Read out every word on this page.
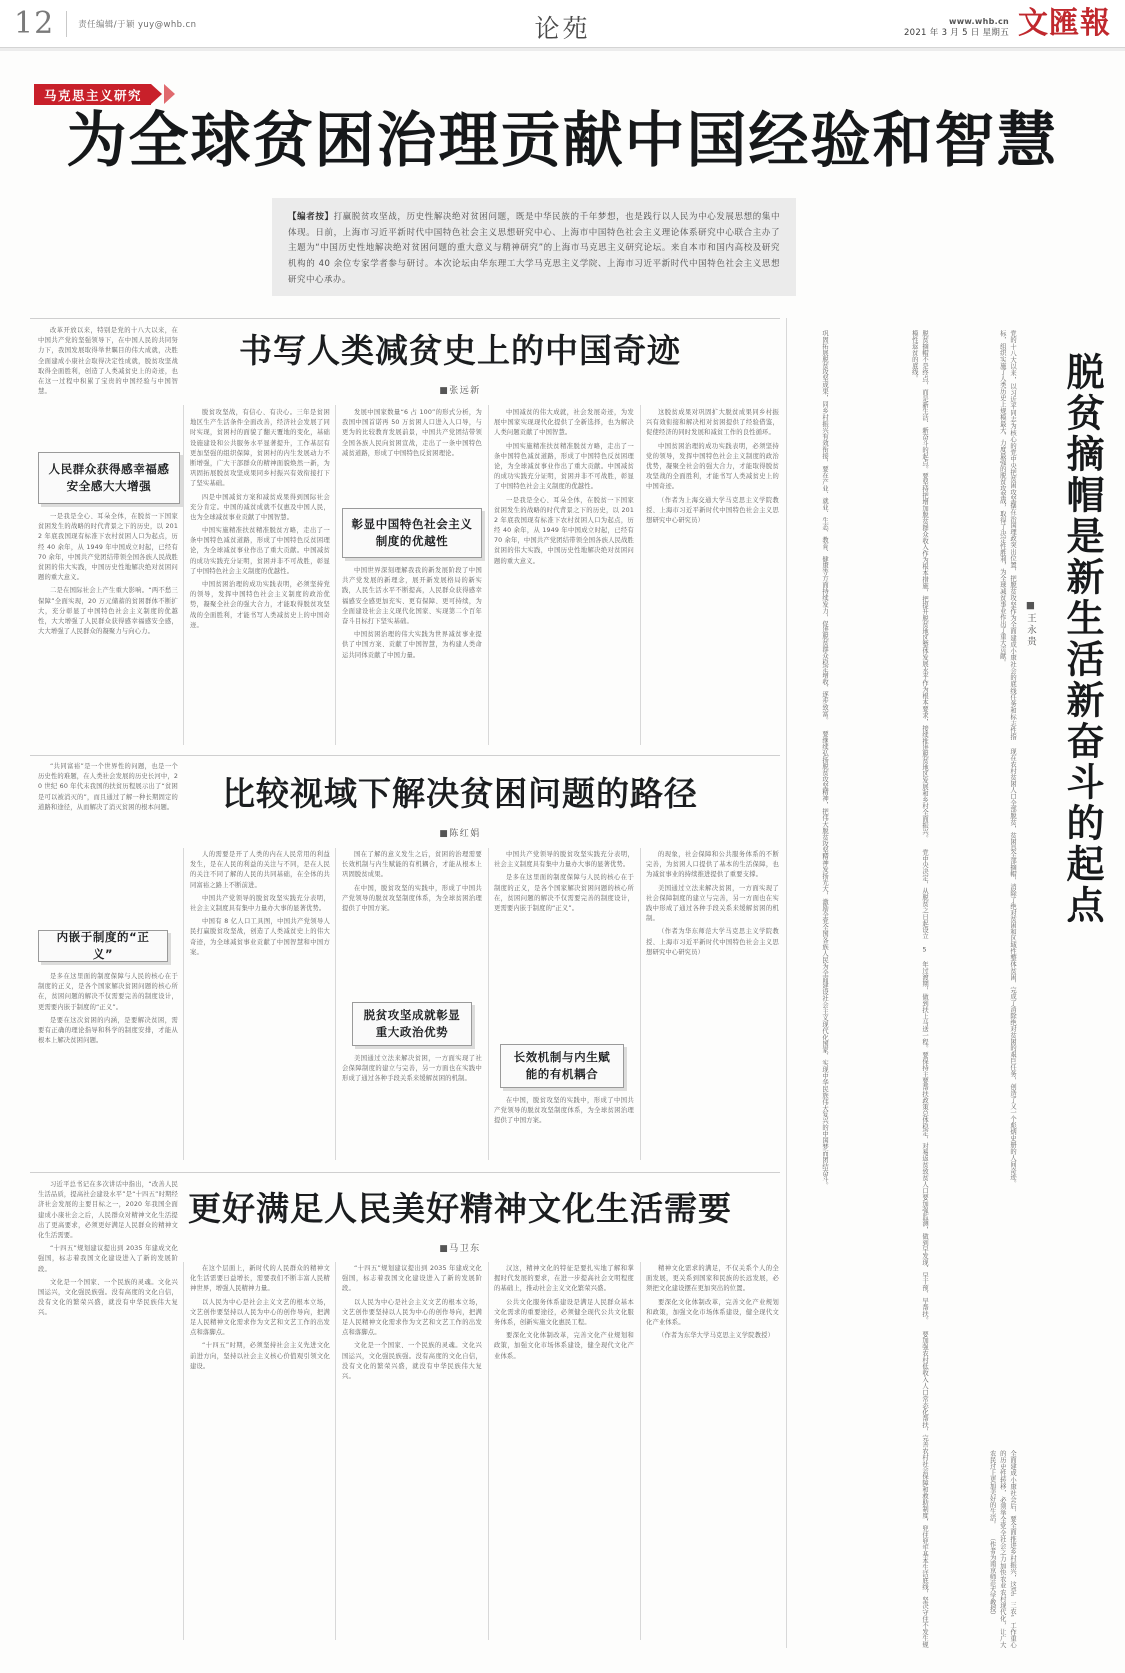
12	责任编辑/于颖 yuy@whb.cn	www.whb.cn
2021 年 3 月 5 日 星期五 文匯報
论苑
马克思主义研究
为全球贫困治理贡献中国经验和智慧
【编者按】打赢脱贫攻坚战，历史性解决绝对贫困问题，既是中华民族的千年梦想，也是践行以人民为中心发展思想的集中体现。日前，上海市习近平新时代中国特色社会主义思想研究中心、上海市中国特色社会主义理论体系研究中心联合主办了主题为“中国历史性地解决绝对贫困问题的重大意义与精神研究”的上海市马克思主义研究论坛。来自本市和国内高校及研究机构的 40 余位专家学者参与研讨。本次论坛由华东理工大学马克思主义学院、上海市习近平新时代中国特色社会主义思想研究中心承办。
书写人类减贫史上的中国奇迹
■张远新

改革开放以来，特别是党的十八大以来，在中国共产党的坚强领导下，在中国人民的共同努力下，我国发展取得举世瞩目的伟大成就，决胜全面建成小康社会取得决定性成就，脱贫攻坚战取得全面胜利，创造了人类减贫史上的奇迹，也在这一过程中积累了宝贵的中国经验与中国智慧。

人民群众获得感幸福感安全感大大增强

一是我是全心、耳朵全体，在脱贫一下国家贫困发生的战略的时代背景之下的历史，以 2012 年底我国现有标准下农村贫困人口为起点，历经 40 余年，从 1949 年中国成立时起，已经有 70 余年，中国共产党团结带领全国各族人民战胜贫困的伟大实践，中国历史性地解决绝对贫困问题的重大意义。

二是在国际社会上产生重大影响。“两不愁三保障”全面实现，20 万元储蓄的贫困群体不断扩大，充分彰显了中国特色社会主义制度的优越性，大大增强了人民群众获得感幸福感安全感，大大增强了人民群众的凝聚力与向心力。

脱贫攻坚战，有信心、有决心。三年是贫困地区生产生活条件全面改善，经济社会发展了同时实现，贫困村的面貌了翻天覆地的变化，基础设施建设和公共服务水平显著提升，工作基层有更加坚强的组织保障，贫困村的内生发展动力不断增强，广大干部群众的精神面貌焕然一新，为巩固拓展脱贫攻坚成果同乡村振兴有效衔接打下了坚实基础。

四是中国减贫方案和减贫成果得到国际社会充分肯定。中国的减贫成就不仅惠及中国人民，也为全球减贫事业贡献了中国智慧。

中国实施精准扶贫精准脱贫方略，走出了一条中国特色减贫道路，形成了中国特色反贫困理论，为全球减贫事业作出了重大贡献。中国减贫的成功实践充分证明，贫困并非不可战胜，彰显了中国特色社会主义制度的优越性。

中国贫困治理的成功实践表明，必须坚持党的领导，发挥中国特色社会主义制度的政治优势，凝聚全社会的强大合力，才能取得脱贫攻坚战的全面胜利，才能书写人类减贫史上的中国奇迹。

发展中国家数量“6 占 100”的形式分析，为我国中国首诺再 50 万贫困人口进入人口导，与更为的比较教育发展前景，中国共产党团结带领全国各族人民向贫困宣战，走出了一条中国特色减贫道路，形成了中国特色反贫困理论。

彰显中国特色社会主义制度的优越性

中国世界深刻理解我我的新发展阶段了中国共产党发展的新理念，展开新发展格局的新实践，人民生活水平不断提高，人民群众获得感幸福感安全感更加充实、更有保障、更可持续，为全面建设社会主义现代化国家、实现第二个百年奋斗目标打下坚实基础。

中国贫困治理的伟大实践为世界减贫事业提供了中国方案、贡献了中国智慧，为构建人类命运共同体贡献了中国力量。

中国减贫的伟大成就，社会发展奇迹，为发展中国家实现现代化提供了全新选择，也为解决人类问题贡献了中国智慧。

中国实施精准扶贫精准脱贫方略，走出了一条中国特色减贫道路，形成了中国特色反贫困理论，为全球减贫事业作出了重大贡献。中国减贫的成功实践充分证明，贫困并非不可战胜，彰显了中国特色社会主义制度的优越性。

一是我是全心、耳朵全体，在脱贫一下国家贫困发生的战略的时代背景之下的历史，以 2012 年底我国现有标准下农村贫困人口为起点，历经 40 余年，从 1949 年中国成立时起，已经有 70 余年，中国共产党团结带领全国各族人民战胜贫困的伟大实践，中国历史性地解决绝对贫困问题的重大意义。

这脱贫成果对巩固扩大脱贫成果同乡村振兴有效衔接和解决相对贫困提供了经验借鉴，促使经济的同时发展和减贫工作的良性循环。

中国贫困治理的成功实践表明，必须坚持党的领导，发挥中国特色社会主义制度的政治优势，凝聚全社会的强大合力，才能取得脱贫攻坚战的全面胜利，才能书写人类减贫史上的中国奇迹。

（作者为上海交通大学马克思主义学院教授、上海市习近平新时代中国特色社会主义思想研究中心研究员）

比较视域下解决贫困问题的路径
■陈红娟

“共同富裕”是一个世界性的问题，也是一个历史性的难题，在人类社会发展的历史长河中，20 世纪 60 年代末我国的扶贫历程展示出了“贫困是可以被消灭的”，而且通过了解一种长期固定的道路和途径，从而解决了消灭贫困的根本问题。

内嵌于制度的“正义”

是多在这里面的制度保障与人民的核心在于制度的正义，是各个国家解决贫困问题的核心所在，贫困问题的解决不仅需要完善的制度设计，更需要内嵌于制度的“正义”。

是要在这次贫困的内涵，是要解决贫困，需要有正确的理论指导和科学的制度安排，才能从根本上解决贫困问题。

人的需要是开了人类的内在人民常用的利益发生，是在人民的利益的关注与不同，是在人民的关注不同了解的人民的共同基础，在全体的共同富裕之路上不断前进。

中国共产党领导的脱贫攻坚实践充分表明，社会主义制度具有集中力量办大事的显著优势。

中国有 8 亿人口工具图，中国共产党领导人民打赢脱贫攻坚战，创造了人类减贫史上的伟大奇迹，为全球减贫事业贡献了中国智慧和中国方案。

国在了解的意义发生之后，贫困的治理需要长效机制与内生赋能的有机耦合，才能从根本上巩固脱贫成果。

在中国，脱贫攻坚的实践中，形成了中国共产党领导的脱贫攻坚制度体系，为全球贫困治理提供了中国方案。

脱贫攻坚成就彰显重大政治优势

美国通过立法来解决贫困，一方面实现了社会保障制度的建立与完善，另一方面也在实践中形成了通过各种手段关系来缓解贫困的机制。

中国共产党领导的脱贫攻坚实践充分表明，社会主义制度具有集中力量办大事的显著优势。

是多在这里面的制度保障与人民的核心在于制度的正义，是各个国家解决贫困问题的核心所在，贫困问题的解决不仅需要完善的制度设计，更需要内嵌于制度的“正义”。

长效机制与内生赋能的有机耦合

在中国，脱贫攻坚的实践中，形成了中国共产党领导的脱贫攻坚制度体系，为全球贫困治理提供了中国方案。

的现象，社会保障和公共服务体系的不断完善，为贫困人口提供了基本的生活保障，也为减贫事业的持续推进提供了重要支撑。

美国通过立法来解决贫困，一方面实现了社会保障制度的建立与完善，另一方面也在实践中形成了通过各种手段关系来缓解贫困的机制。

（作者为华东师范大学马克思主义学院教授、上海市习近平新时代中国特色社会主义思想研究中心研究员）

更好满足人民美好精神文化生活需要
■马卫东

习近平总书记在多次讲话中指出，“改善人民生活品质，提高社会建设水平”是“十四五”时期经济社会发展的主要目标之一，2020 年我国全面建成小康社会之后，人民群众对精神文化生活提出了更高要求，必须更好满足人民群众的精神文化生活需要。

“十四五”规划建议提出到 2035 年建成文化强国，标志着我国文化建设进入了新的发展阶段。

文化是一个国家、一个民族的灵魂。文化兴国运兴，文化强民族强。没有高度的文化自信，没有文化的繁荣兴盛，就没有中华民族伟大复兴。

在这个层面上，新时代的人民群众的精神文化生活需要日益增长，需要我们不断丰富人民精神世界，增强人民精神力量。

以人民为中心是社会主义文艺的根本立场，文艺创作要坚持以人民为中心的创作导向，把满足人民精神文化需求作为文艺和文艺工作的出发点和落脚点。

“十四五”时期，必须坚持社会主义先进文化前进方向，坚持以社会主义核心价值观引领文化建设。

“十四五”规划建议提出到 2035 年建成文化强国，标志着我国文化建设进入了新的发展阶段。

以人民为中心是社会主义文艺的根本立场，文艺创作要坚持以人民为中心的创作导向，把满足人民精神文化需求作为文艺和文艺工作的出发点和落脚点。

文化是一个国家、一个民族的灵魂。文化兴国运兴，文化强民族强。没有高度的文化自信，没有文化的繁荣兴盛，就没有中华民族伟大复兴。

汉这，精神文化的特征是要扎实地了解和掌握时代发展的要求，在进一步提高社会文明程度的基础上，推动社会主义文化繁荣兴盛。

公共文化服务体系建设是满足人民群众基本文化需求的重要途径，必须健全现代公共文化服务体系，创新实施文化惠民工程。

要深化文化体制改革，完善文化产业规划和政策，加强文化市场体系建设，健全现代文化产业体系。

精神文化需求的满足，不仅关系个人的全面发展，更关系到国家和民族的长远发展，必须把文化建设摆在更加突出的位置。

要深化文化体制改革，完善文化产业规划和政策，加强文化市场体系建设，健全现代文化产业体系。

（作者为东华大学马克思主义学院教授）

脱贫摘帽是新生活新奋斗的起点
■王永贵
党的十八大以来，以习近平同志为核心的党中央把贫困攻坚摆在治国理政突出位置，把脱贫攻坚作为全面建成小康社会的底线任务和标志性指标，组织实施了人类历史上规模最大、力度最强的脱贫攻坚战，取得了决定性胜利，为全球减贫事业作出了重大贡献。
现在农村贫困人口全部脱贫，贫困县全部摘帽，消除了绝对贫困和区域性整体贫困，完成了消除绝对贫困的艰巨任务，创造了又一个彪炳史册的人间奇迹。
脱贫摘帽不是终点，而是新生活、新奋斗的起点。要坚持把增加脱贫群众收入作为根本措施，把提升脱贫地区整体发展水平作为根本要求，接续推进脱贫地区发展和乡村全面振兴。 党中央决定，从脱贫之日起设立 5 年过渡期，做到扶上马送一程。要保持主要帮扶政策总体稳定，对易返贫致贫人口要加强监测，做到早发现、早干预、早帮扶。 要加强农村低收入人口常态化帮扶，完善农村社会保障和救助制度，兜住兜牢基本生活底线，坚决守住不发生规模性返贫的底线。
巩固拓展脱贫攻坚成果，同乡村振兴有效衔接，要在产业、就业、生态、教育、健康等方面持续发力，促进脱贫群众稳定增收、逐步致富。 要继续弘扬脱贫攻坚精神，把伟大脱贫攻坚精神发扬光大，激励全党全国各族人民为全面建设社会主义现代化国家、实现中华民族伟大复兴的中国梦而团结奋斗。
全面建成小康社会后，要全面推进乡村振兴，这是“三农”工作重心的历史性转移，必须举全党全社会之力加快农业农村现代化，让广大农民过上更加美好的生活。 （作者为南京师范大学教授）
